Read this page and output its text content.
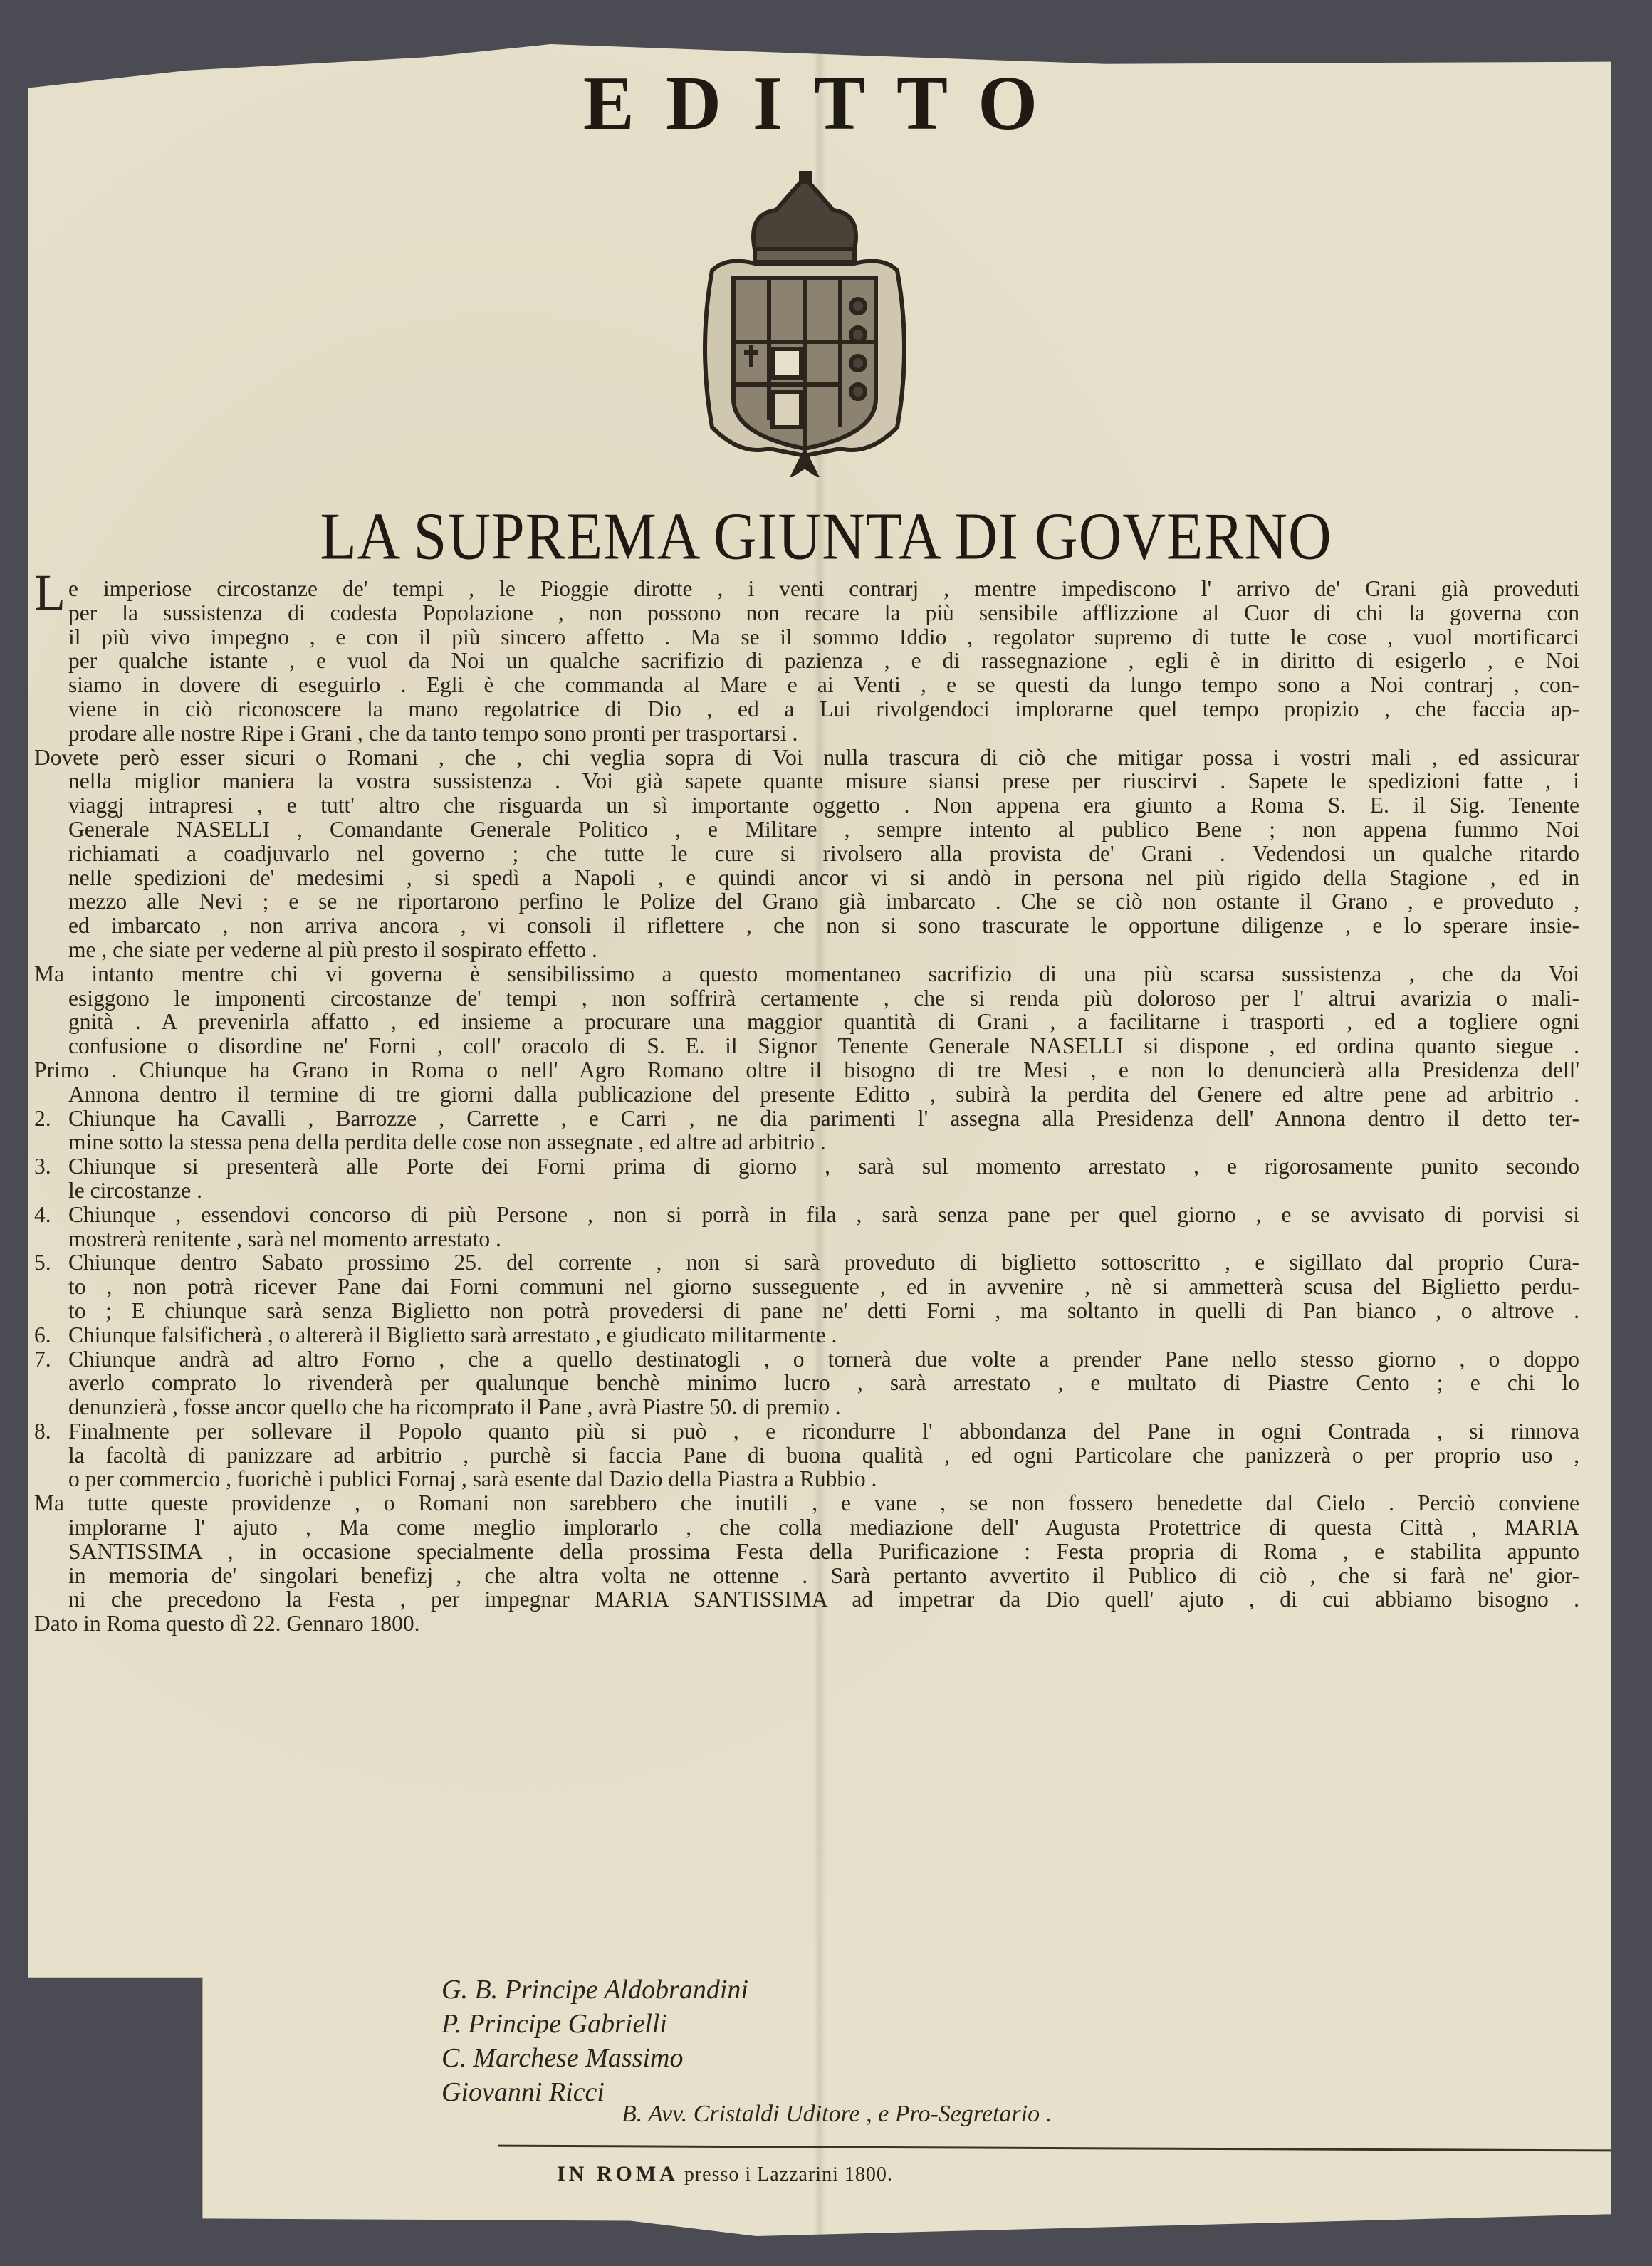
EDITTO
LA SUPREMA GIUNTA DI GOVERNO
L e imperiose circostanze de' tempi , le Pioggie dirotte , i venti contrarj , mentre impediscono l' arrivo de' Grani già proveduti
per la sussistenza di codesta Popolazione , non possono non recare la più sensibile afflizzione al Cuor di chi la governa con
il più vivo impegno , e con il più sincero affetto . Ma se il sommo Iddio , regolator supremo di tutte le cose , vuol mortificarci
per qualche istante , e vuol da Noi un qualche sacrifizio di pazienza , e di rassegnazione , egli è in diritto di esigerlo , e Noi
siamo in dovere di eseguirlo . Egli è che commanda al Mare e ai Venti , e se questi da lungo tempo sono a Noi contrarj , con-
viene in ciò riconoscere la mano regolatrice di Dio , ed a Lui rivolgendoci implorarne quel tempo propizio , che faccia ap-
prodare alle nostre Ripe i Grani , che da tanto tempo sono pronti per trasportarsi .
Dovete però esser sicuri o Romani , che , chi veglia sopra di Voi nulla trascura di ciò che mitigar possa i vostri mali , ed assicurar
nella miglior maniera la vostra sussistenza . Voi già sapete quante misure siansi prese per riuscirvi . Sapete le spedizioni fatte , i
viaggj intrapresi , e tutt' altro che risguarda un sì importante oggetto . Non appena era giunto a Roma S. E. il Sig. Tenente
Generale NASELLI , Comandante Generale Politico , e Militare , sempre intento al publico Bene ; non appena fummo Noi
richiamati a coadjuvarlo nel governo ; che tutte le cure si rivolsero alla provista de' Grani . Vedendosi un qualche ritardo
nelle spedizioni de' medesimi , si spedì a Napoli , e quindi ancor vi si andò in persona nel più rigido della Stagione , ed in
mezzo alle Nevi ; e se ne riportarono perfino le Polize del Grano già imbarcato . Che se ciò non ostante il Grano , e proveduto ,
ed imbarcato , non arriva ancora , vi consoli il riflettere , che non si sono trascurate le opportune diligenze , e lo sperare insie-
me , che siate per vederne al più presto il sospirato effetto .
Ma intanto mentre chi vi governa è sensibilissimo a questo momentaneo sacrifizio di una più scarsa sussistenza , che da Voi
esiggono le imponenti circostanze de' tempi , non soffrirà certamente , che si renda più doloroso per l' altrui avarizia o mali-
gnità . A prevenirla affatto , ed insieme a procurare una maggior quantità di Grani , a facilitarne i trasporti , ed a togliere ogni
confusione o disordine ne' Forni , coll' oracolo di S. E. il Signor Tenente Generale NASELLI si dispone , ed ordina quanto siegue .
Primo . Chiunque ha Grano in Roma o nell' Agro Romano oltre il bisogno di tre Mesi , e non lo denuncierà alla Presidenza dell'
Annona dentro il termine di tre giorni dalla publicazione del presente Editto , subirà la perdita del Genere ed altre pene ad arbitrio .
2. Chiunque ha Cavalli , Barrozze , Carrette , e Carri , ne dia parimenti l' assegna alla Presidenza dell' Annona dentro il detto ter-
mine sotto la stessa pena della perdita delle cose non assegnate , ed altre ad arbitrio .
3. Chiunque si presenterà alle Porte dei Forni prima di giorno , sarà sul momento arrestato , e rigorosamente punito secondo
le circostanze .
4. Chiunque , essendovi concorso di più Persone , non si porrà in fila , sarà senza pane per quel giorno , e se avvisato di porvisi si
mostrerà renitente , sarà nel momento arrestato .
5. Chiunque dentro Sabato prossimo 25. del corrente , non si sarà proveduto di biglietto sottoscritto , e sigillato dal proprio Cura-
to , non potrà ricever Pane dai Forni communi nel giorno susseguente , ed in avvenire , nè si ammetterà scusa del Biglietto perdu-
to ; E chiunque sarà senza Biglietto non potrà provedersi di pane ne' detti Forni , ma soltanto in quelli di Pan bianco , o altrove .
6. Chiunque falsificherà , o altererà il Biglietto sarà arrestato , e giudicato militarmente .
7. Chiunque andrà ad altro Forno , che a quello destinatogli , o tornerà due volte a prender Pane nello stesso giorno , o doppo
averlo comprato lo rivenderà per qualunque benchè minimo lucro , sarà arrestato , e multato di Piastre Cento ; e chi lo
denunzierà , fosse ancor quello che ha ricomprato il Pane , avrà Piastre 50. di premio .
8. Finalmente per sollevare il Popolo quanto più si può , e ricondurre l' abbondanza del Pane in ogni Contrada , si rinnova
la facoltà di panizzare ad arbitrio , purchè si faccia Pane di buona qualità , ed ogni Particolare che panizzerà o per proprio uso ,
o per commercio , fuorichè i publici Fornaj , sarà esente dal Dazio della Piastra a Rubbio .
Ma tutte queste providenze , o Romani non sarebbero che inutili , e vane , se non fossero benedette dal Cielo . Perciò conviene
implorarne l' ajuto , Ma come meglio implorarlo , che colla mediazione dell' Augusta Protettrice di questa Città , MARIA
SANTISSIMA , in occasione specialmente della prossima Festa della Purificazione : Festa propria di Roma , e stabilita appunto
in memoria de' singolari benefizj , che altra volta ne ottenne . Sarà pertanto avvertito il Publico di ciò , che si farà ne' gior-
ni che precedono la Festa , per impegnar MARIA SANTISSIMA ad impetrar da Dio quell' ajuto , di cui abbiamo bisogno .
Dato in Roma questo dì 22. Gennaro 1800.
G. B. Principe Aldobrandini
P. Principe Gabrielli
C. Marchese Massimo
Giovanni Ricci
B. Avv. Cristaldi Uditore , e Pro-Segretario .
IN ROMA presso i Lazzarini 1800.
